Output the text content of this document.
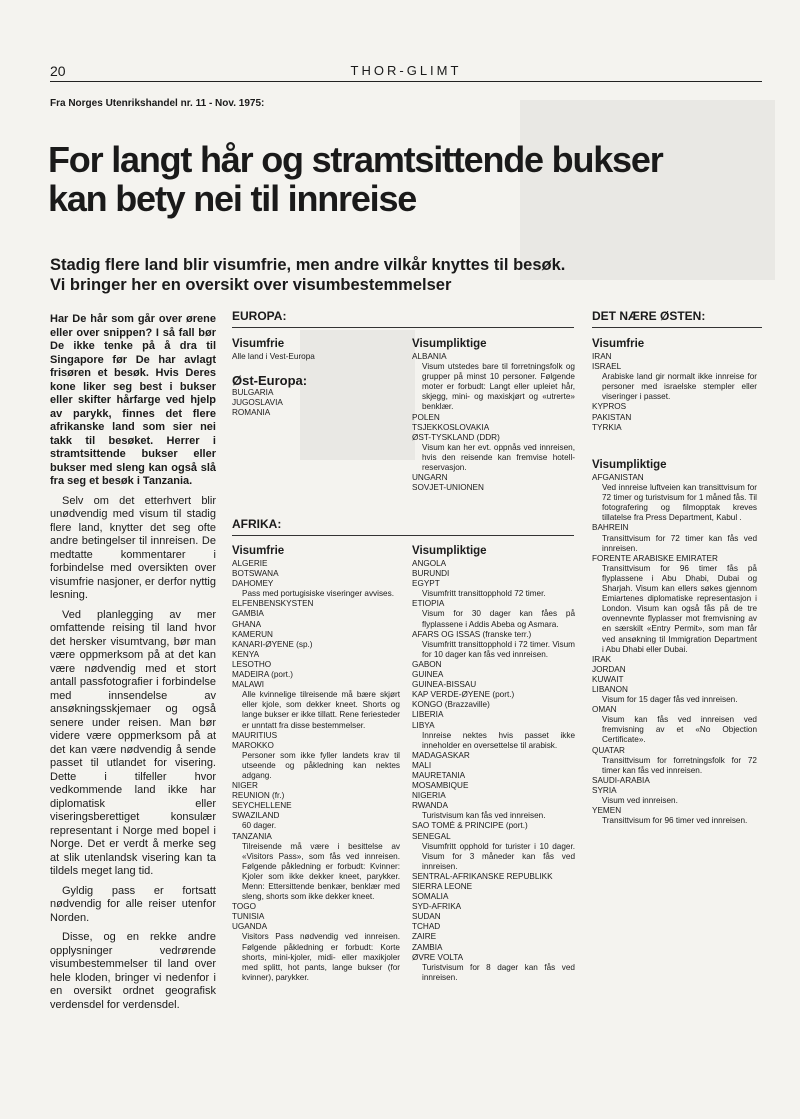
20	THOR-GLIMT
Fra Norges Utenrikshandel nr. 11 - Nov. 1975:
For langt hår og stramtsittende bukser
kan bety nei til innreise
Stadig flere land blir visumfrie, men andre vilkår knyttes til besøk.
Vi bringer her en oversikt over visumbestemmelser

Har De hår som går over ørene eller over snippen? I så fall bør De ikke tenke på å dra til Singapore før De har avlagt frisøren et besøk. Hvis Deres kone liker seg best i bukser eller skifter hårfarge ved hjelp av parykk, finnes det flere afrikanske land som sier nei takk til besøket. Herrer i stramtsittende bukser eller bukser med sleng kan også slå fra seg et besøk i Tanzania.

Selv om det etterhvert blir unødvendig med visum til stadig flere land, knytter det seg ofte andre betingelser til innreisen. De medtatte kommentarer i forbindelse med oversikten over visumfrie nasjoner, er derfor nyttig lesning.

Ved planlegging av mer omfattende reising til land hvor det hersker visumtvang, bør man være oppmerksom på at det kan være nødvendig med et stort antall passfotografier i forbindelse med innsendelse av ansøkningsskjemaer og også senere under reisen. Man bør videre være oppmerksom på at det kan være nødvendig å sende passet til utlandet for visering. Dette i tilfeller hvor vedkommende land ikke har diplomatisk eller viseringsberettiget konsulær representant i Norge med bopel i Norge. Det er verdt å merke seg at slik utenlandsk visering kan ta tildels meget lang tid.

Gyldig pass er fortsatt nødvendig for alle reiser utenfor Norden.

Disse, og en rekke andre opplysninger vedrørende visumbestemmelser til land over hele kloden, bringer vi nedenfor i en oversikt ordnet geografisk verdensdel for verdensdel.

EUROPA:
Visumfrie
Alle land i Vest-Europa
Øst-Europa:
BULGARIA
JUGOSLAVIA
ROMANIA
Visumpliktige
ALBANIA
Visum utstedes bare til forretningsfolk og grupper på minst 10 personer. Følgende moter er forbudt: Langt eller upleiet hår, skjegg, mini- og maxiskjørt og «utrerte» benklær.
POLEN
TSJEKKOSLOVAKIA
ØST-TYSKLAND (DDR)
Visum kan her evt. oppnås ved innreisen, hvis den reisende kan fremvise hotell-reservasjon.
UNGARN
SOVJET-UNIONEN
AFRIKA:
Visumfrie
ALGERIE
BOTSWANA
DAHOMEY
Pass med portugisiske viseringer avvises.
ELFENBENSKYSTEN
GAMBIA
GHANA
KAMERUN
KANARI-ØYENE (sp.)
KENYA
LESOTHO
MADEIRA (port.)
MALAWI
Alle kvinnelige tilreisende må bære skjørt eller kjole, som dekker kneet. Shorts og lange bukser er ikke tillatt. Rene feriesteder er unntatt fra disse bestemmelser.
MAURITIUS
MAROKKO
Personer som ikke fyller landets krav til utseende og påkledning kan nektes adgang.
NIGER
REUNION (fr.)
SEYCHELLENE
SWAZILAND
60 dager.
TANZANIA
Tilreisende må være i besittelse av «Visitors Pass», som fås ved innreisen. Følgende påkledning er forbudt: Kvinner: Kjoler som ikke dekker kneet, parykker. Menn: Ettersittende benkær, benklær med sleng, shorts som ikke dekker kneet.
TOGO
TUNISIA
UGANDA
Visitors Pass nødvendig ved innreisen. Følgende påkledning er forbudt: Korte shorts, mini-kjoler, midi- eller maxikjoler med splitt, hot pants, lange bukser (for kvinner), parykker.
Visumpliktige
ANGOLA
BURUNDI
EGYPT
Visumfritt transittopphold 72 timer.
ETIOPIA
Visum for 30 dager kan fåes på flyplassene i Addis Abeba og Asmara.
AFARS OG ISSAS (franske terr.)
Visumfritt transittopphold i 72 timer. Visum for 10 dager kan fås ved innreisen.
GABON
GUINEA
GUINEA-BISSAU
KAP VERDE-ØYENE (port.)
KONGO (Brazzaville)
LIBERIA
LIBYA
Innreise nektes hvis passet ikke inneholder en oversettelse til arabisk.
MADAGASKAR
MALI
MAURETANIA
MOSAMBIQUE
NIGERIA
RWANDA
Turistvisum kan fås ved innreisen.
SAO TOMÉ & PRINCIPE (port.)
SENEGAL
Visumfritt opphold for turister i 10 dager. Visum for 3 måneder kan fås ved innreisen.
SENTRAL-AFRIKANSKE REPUBLIKK
SIERRA LEONE
SOMALIA
SYD-AFRIKA
SUDAN
TCHAD
ZAIRE
ZAMBIA
ØVRE VOLTA
Turistvisum for 8 dager kan fås ved innreisen.
DET NÆRE ØSTEN:
Visumfrie
IRAN
ISRAEL
Arabiske land gir normalt ikke innreise for personer med israelske stempler eller viseringer i passet.
KYPROS
PAKISTAN
TYRKIA
Visumpliktige
AFGANISTAN
Ved innreise luftveien kan transittvisum for 72 timer og turistvisum for 1 måned fås. Til fotografering og filmopptak kreves tillatelse fra Press Department, Kabul .
BAHREIN
Transittvisum for 72 timer kan fås ved innreisen.
FORENTE ARABISKE EMIRATER
Transittvisum for 96 timer fås på flyplassene i Abu Dhabi, Dubai og Sharjah. Visum kan ellers søkes gjennom Emiartenes diplomatiske representasjon i London. Visum kan også fås på de tre ovennevnte flyplasser mot fremvisning av en særskilt «Entry Permit», som man får ved ansøkning til Immigration Department i Abu Dhabi eller Dubai.
IRAK
JORDAN
KUWAIT
LIBANON
Visum for 15 dager fås ved innreisen.
OMAN
Visum kan fås ved innreisen ved fremvisning av et «No Objection Certificate».
QUATAR
Transittvisum for forretningsfolk for 72 timer kan fås ved innreisen.
SAUDI-ARABIA
SYRIA
Visum ved innreisen.
YEMEN
Transittvisum for 96 timer ved innreisen.
